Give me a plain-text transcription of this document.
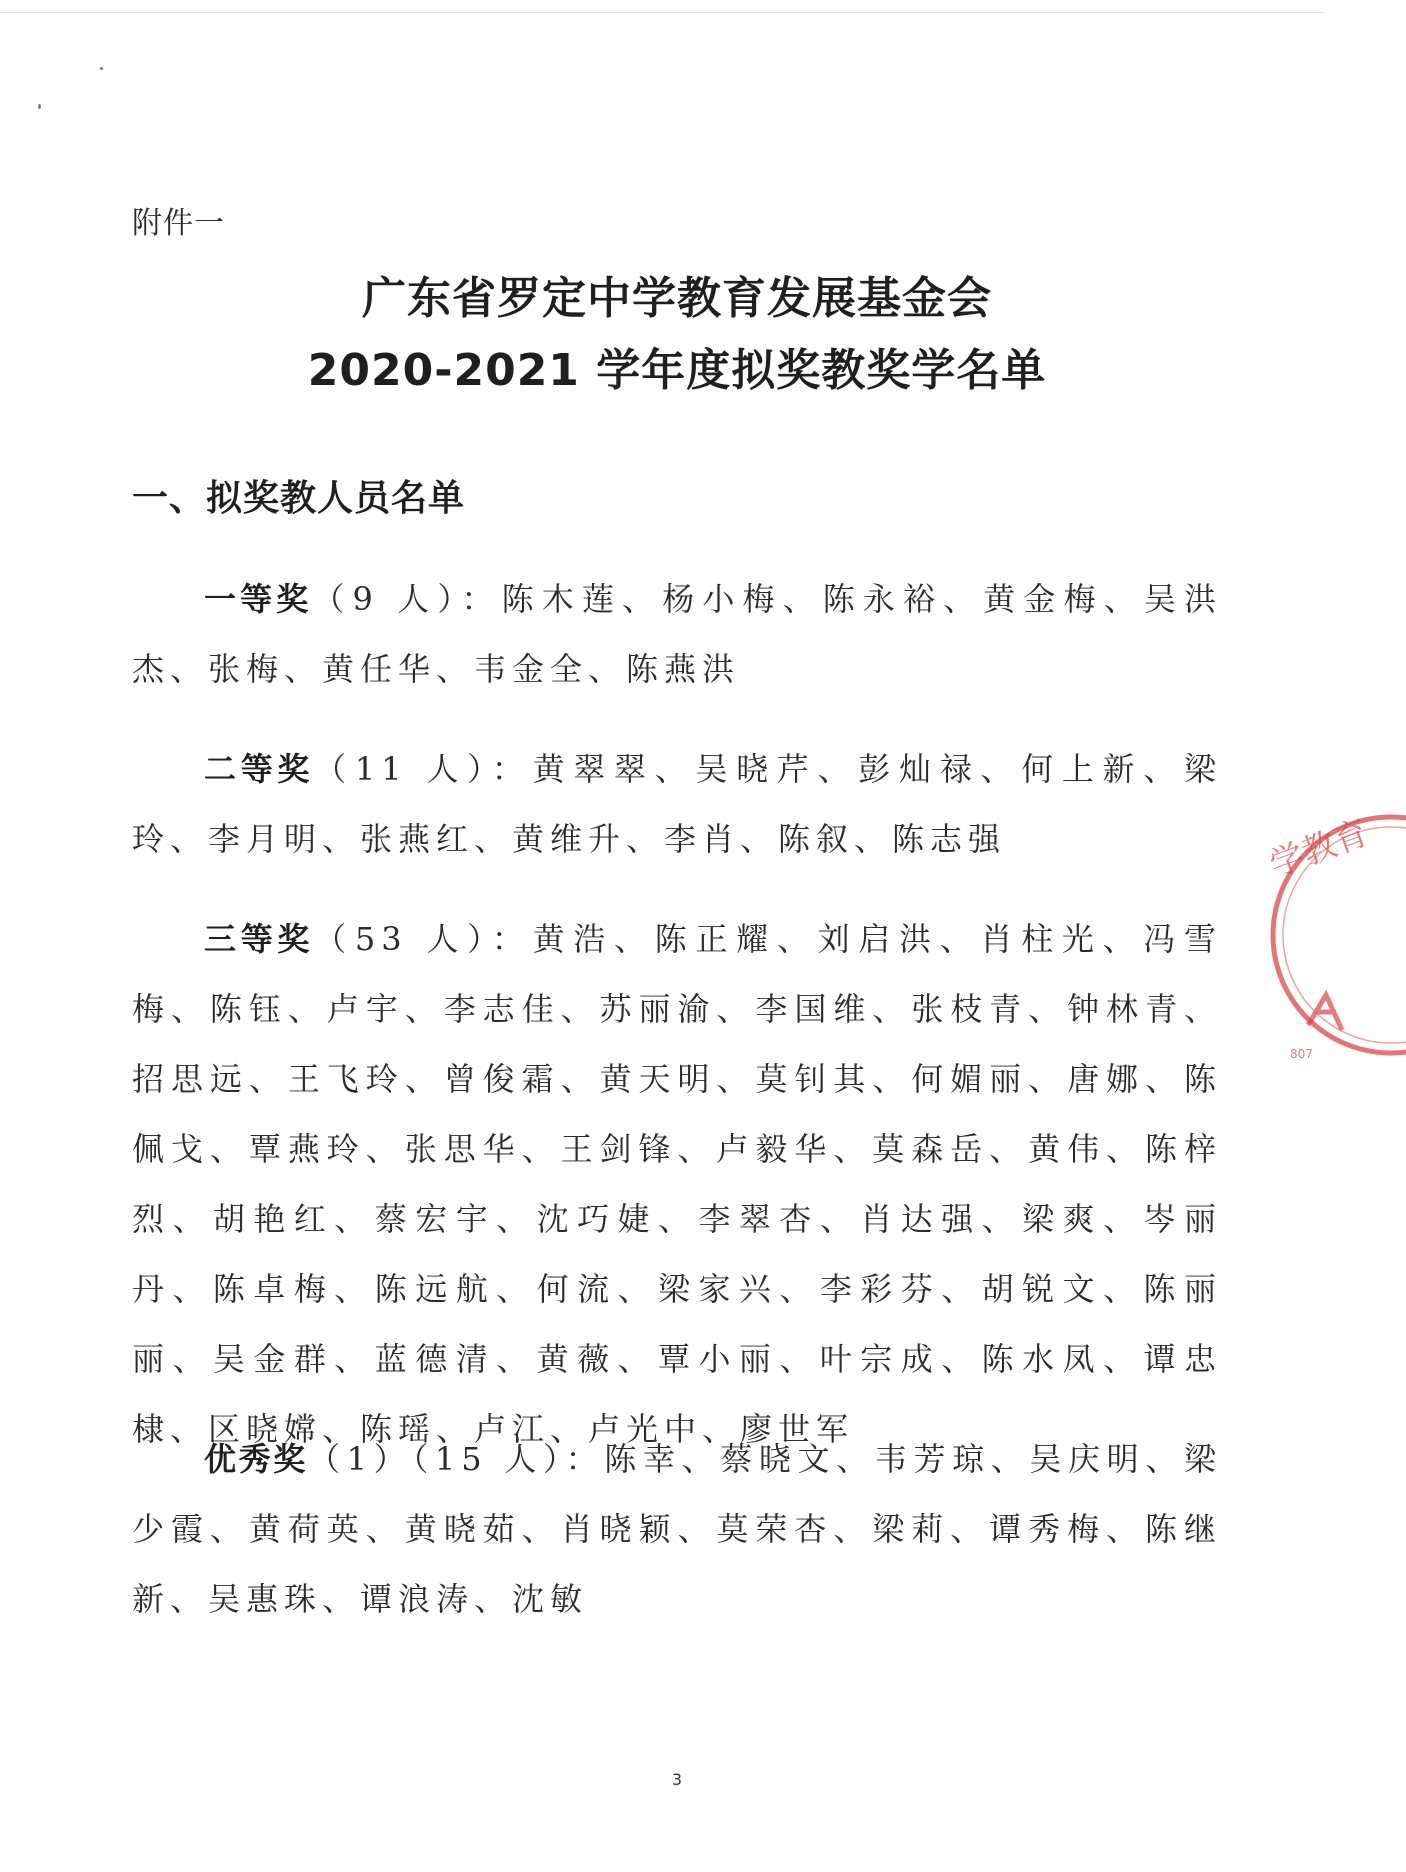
附件一
广东省罗定中学教育发展基金会
2020-2021 学年度拟奖教奖学名单
一、拟奖教人员名单

一等奖（9 人）：陈木莲、杨小梅、陈永裕、黄金梅、吴洪杰、张梅、黄任华、韦金全、陈燕洪

二等奖（11 人）：黄翠翠、吴晓芹、彭灿禄、何上新、梁玲、李月明、张燕红、黄维升、李肖、陈叙、陈志强

三等奖（53 人）：黄浩、陈正耀、刘启洪、肖柱光、冯雪梅、陈钰、卢宇、李志佳、苏丽渝、李国维、张枝青、钟林青、招思远、王飞玲、曾俊霜、黄天明、莫钊其、何媚丽、唐娜、陈佩戈、覃燕玲、张思华、王剑锋、卢毅华、莫森岳、黄伟、陈梓烈、胡艳红、蔡宏宇、沈巧婕、李翠杏、肖达强、梁爽、岑丽丹、陈卓梅、陈远航、何流、梁家兴、李彩芬、胡锐文、陈丽丽、吴金群、蓝德清、黄薇、覃小丽、叶宗成、陈水凤、谭忠棣、区晓嫦、陈瑶、卢江、卢光中、廖世军

优秀奖（1）（15 人）：陈幸、蔡晓文、韦芳琼、吴庆明、梁少霞、黄荷英、黄晓茹、肖晓颖、莫荣杏、梁莉、谭秀梅、陈继新、吴惠珠、谭浪涛、沈敏

3
学教育
807
